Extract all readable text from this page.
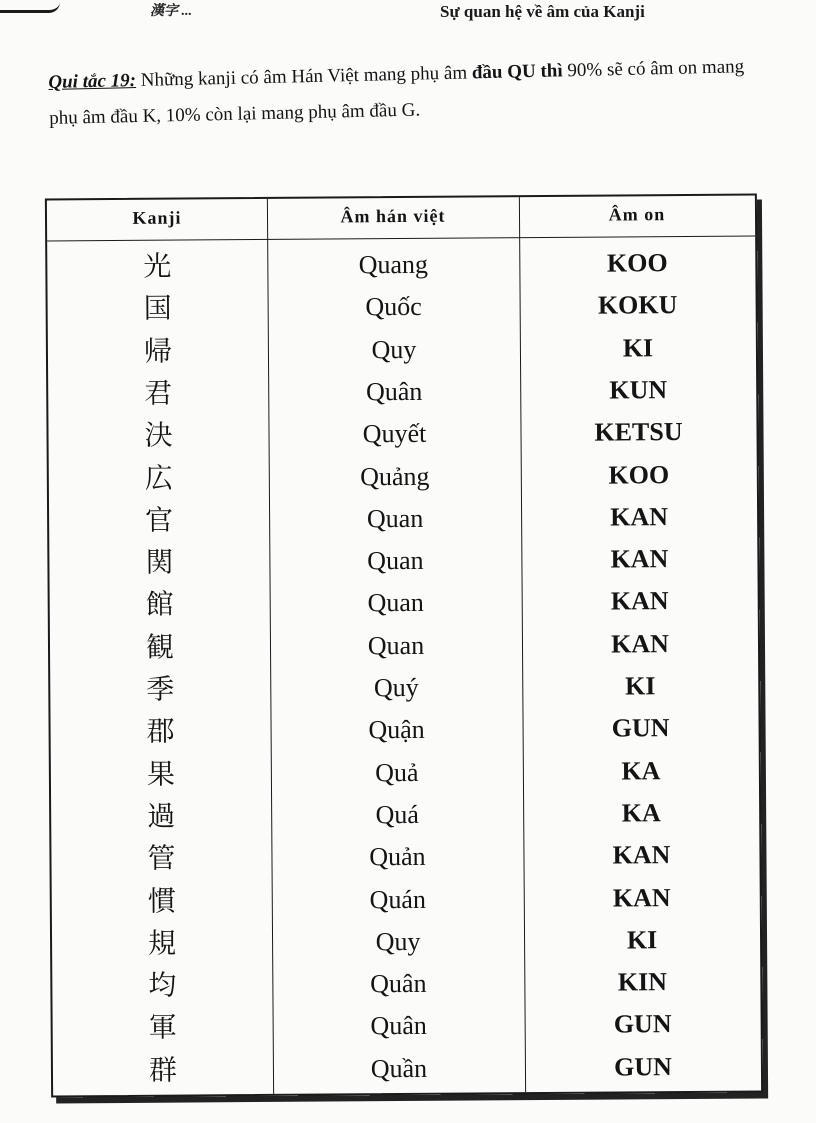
漢字 ...	Sự quan hệ về âm của Kanji

Qui tắc 19: Những kanji có âm Hán Việt mang phụ âm đầu QU thì 90% sẽ có âm on mang phụ âm đầu K, 10% còn lại mang phụ âm đầu G.

Kanji	Âm hán việt	Âm on
光	Quang	KOO
国	Quốc	KOKU
帰	Quy	KI
君	Quân	KUN
決	Quyết	KETSU
広	Quảng	KOO
官	Quan	KAN
関	Quan	KAN
館	Quan	KAN
観	Quan	KAN
季	Quý	KI
郡	Quận	GUN
果	Quả	KA
過	Quá	KA
管	Quản	KAN
慣	Quán	KAN
規	Quy	KI
均	Quân	KIN
軍	Quân	GUN
群	Quần	GUN
